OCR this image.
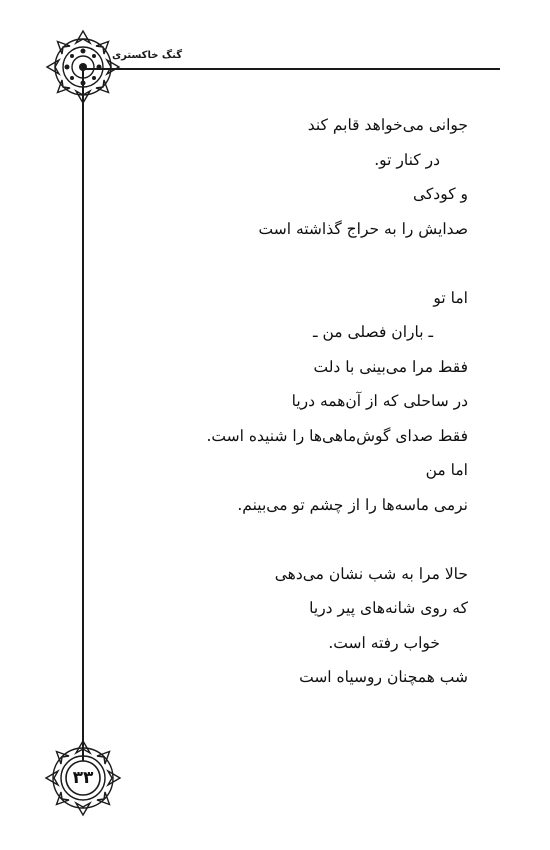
گنگ خاکستری
جوانی می‌خواهد قابم کند
در کنار تو.
و کودکی
صدایش را به حراج گذاشته است
اما تو
ـ باران فصلی من ـ
فقط مرا می‌بینی با دلت
در ساحلی که از آن‌همه دریا
فقط صدای گوش‌ماهی‌ها را شنیده است.
اما من
نرمی ماسه‌ها را از چشم تو می‌بینم.
حالا مرا به شب نشان می‌دهی
که روی شانه‌های پیر دریا
خواب رفته است.
شب همچنان روسیاه است
۳۳
